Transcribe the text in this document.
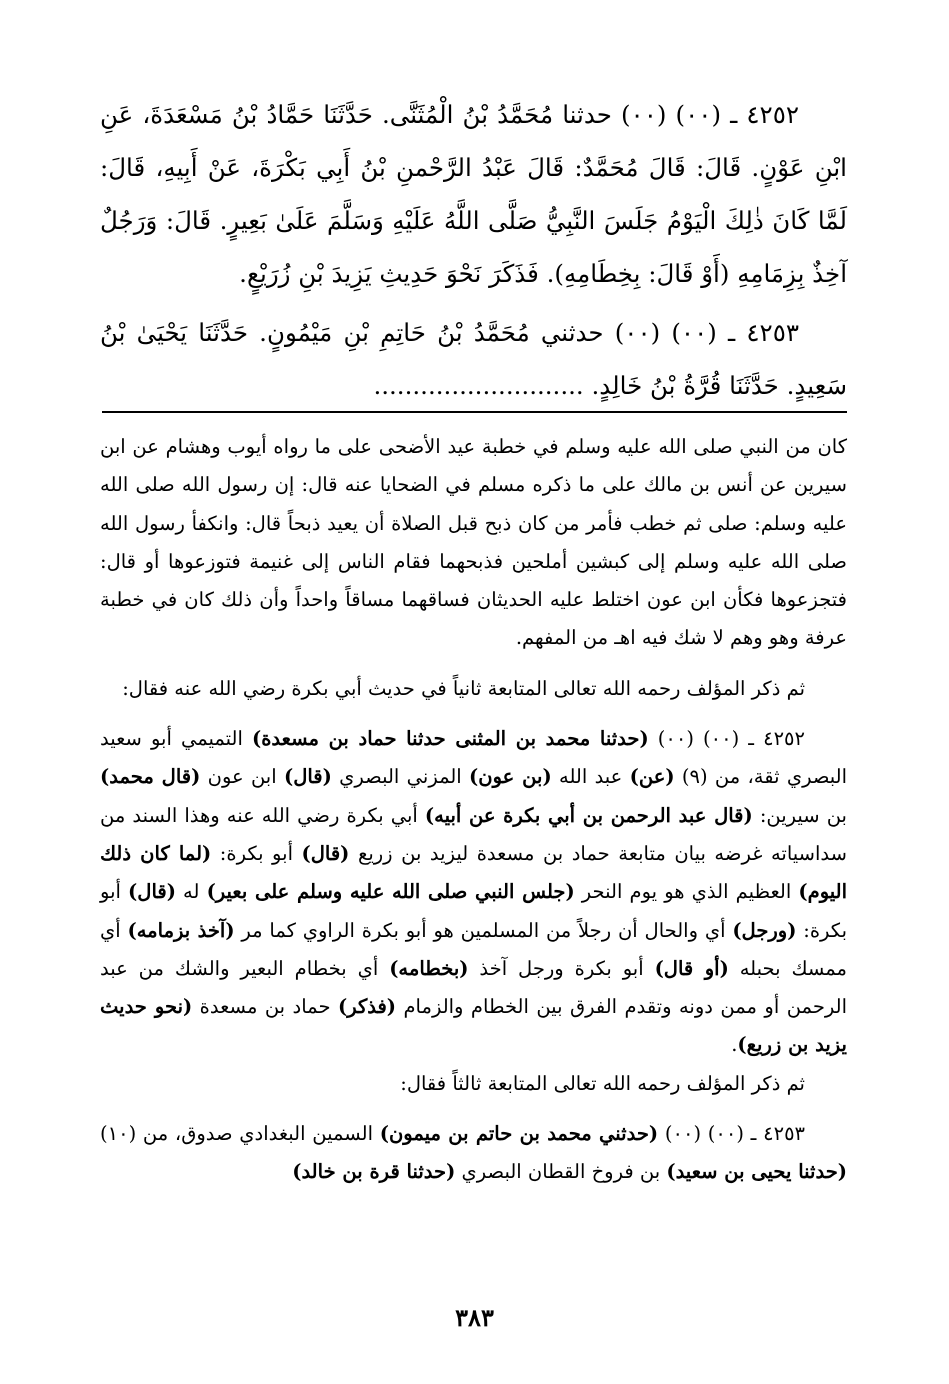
٤٢٥٢ ـ (٠٠) (٠٠) حدثنا مُحَمَّدُ بْنُ الْمُثَنَّى. حَدَّثَنَا حَمَّادُ بْنُ مَسْعَدَةَ، عَنِ ابْنِ عَوْنٍ. قَالَ: قَالَ مُحَمَّدٌ: قَالَ عَبْدُ الرَّحْمنِ بْنُ أَبِي بَكْرَةَ، عَنْ أَبِيهِ، قَالَ: لَمَّا كَانَ ذٰلِكَ الْيَوْمُ جَلَسَ النَّبِيُّ صَلَّى اللَّهُ عَلَيْهِ وَسَلَّمَ عَلَىٰ بَعِيرٍ. قَالَ: وَرَجُلٌ آخِذٌ بِزِمَامِهِ (أَوْ قَالَ: بِخِطَامِهِ). فَذَكَرَ نَحْوَ حَدِيثِ يَزِيدَ بْنِ زُرَيْعٍ.

٤٢٥٣ ـ (٠٠) (٠٠) حدثني مُحَمَّدُ بْنُ حَاتِمِ بْنِ مَيْمُونٍ. حَدَّثَنَا يَحْيَىٰ بْنُ سَعِيدٍ. حَدَّثَنَا قُرَّةُ بْنُ خَالِدٍ. ...........................

كان من النبي صلى الله عليه وسلم في خطبة عيد الأضحى على ما رواه أيوب وهشام عن ابن سيرين عن أنس بن مالك على ما ذكره مسلم في الضحايا عنه قال: إن رسول الله صلى الله عليه وسلم: صلى ثم خطب فأمر من كان ذبح قبل الصلاة أن يعيد ذبحاً قال: وانكفأ رسول الله صلى الله عليه وسلم إلى كبشين أملحين فذبحهما فقام الناس إلى غنيمة فتوزعوها أو قال: فتجزعوها فكأن ابن عون اختلط عليه الحديثان فساقهما مساقاً واحداً وأن ذلك كان في خطبة عرفة وهو وهم لا شك فيه اهـ من المفهم.

ثم ذكر المؤلف رحمه الله تعالى المتابعة ثانياً في حديث أبي بكرة رضي الله عنه فقال:

٤٢٥٢ ـ (٠٠) (٠٠) (حدثنا محمد بن المثنى حدثنا حماد بن مسعدة) التميمي أبو سعيد البصري ثقة، من (٩) (عن) عبد الله (بن عون) المزني البصري (قال) ابن عون (قال محمد) بن سيرين: (قال عبد الرحمن بن أبي بكرة عن أبيه) أبي بكرة رضي الله عنه وهذا السند من سداسياته غرضه بيان متابعة حماد بن مسعدة ليزيد بن زريع (قال) أبو بكرة: (لما كان ذلك اليوم) العظيم الذي هو يوم النحر (جلس النبي صلى الله عليه وسلم على بعير) له (قال) أبو بكرة: (ورجل) أي والحال أن رجلاً من المسلمين هو أبو بكرة الراوي كما مر (آخذ بزمامه) أي ممسك بحبله (أو قال) أبو بكرة ورجل آخذ (بخطامه) أي بخطام البعير والشك من عبد الرحمن أو ممن دونه وتقدم الفرق بين الخطام والزمام (فذكر) حماد بن مسعدة (نحو حديث يزيد بن زريع).

ثم ذكر المؤلف رحمه الله تعالى المتابعة ثالثاً فقال:

٤٢٥٣ ـ (٠٠) (٠٠) (حدثني محمد بن حاتم بن ميمون) السمين البغدادي صدوق، من (١٠) (حدثنا يحيى بن سعيد) بن فروخ القطان البصري (حدثنا قرة بن خالد)

٣٨٣
